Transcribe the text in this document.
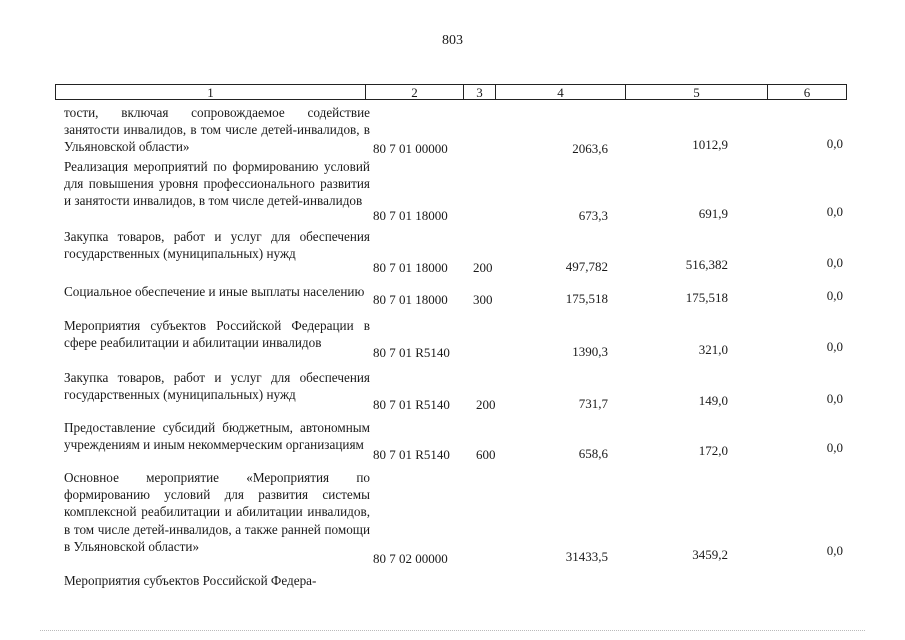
803
1	2	3	4	5	6
тости, включая сопровождаемое содействие занятости инвалидов, в том числе детей-инвалидов, в Ульяновской области»	80 7 01 00000	2063,6	1012,9	0,0
Реализация мероприятий по формированию условий для повышения уровня профессионального развития и занятости инвалидов, в том числе детей-инвалидов
80 7 01 18000	673,3	691,9	0,0
Закупка товаров, работ и услуг для обеспечения государственных (муниципальных) нужд
80 7 01 18000 200	497,782	516,382	0,0
Социальное обеспечение и иные выплаты населению
80 7 01 18000 300	175,518	175,518	0,0
Мероприятия субъектов Российской Федерации в сфере реабилитации и абилитации инвалидов
80 7 01 R5140	1390,3	321,0	0,0
Закупка товаров, работ и услуг для обеспечения государственных (муниципальных) нужд
80 7 01 R5140 200	731,7	149,0	0,0
Предоставление субсидий бюджетным, автономным учреждениям и иным некоммерческим организациям
80 7 01 R5140 600	658,6	172,0	0,0
Основное мероприятие «Мероприятия по формированию условий для развития системы комплексной реабилитации и абилитации инвалидов, в том числе детей-инвалидов, а также ранней помощи в Ульяновской области»
80 7 02 00000	31433,5	3459,2	0,0
Мероприятия субъектов Российской Федера-
